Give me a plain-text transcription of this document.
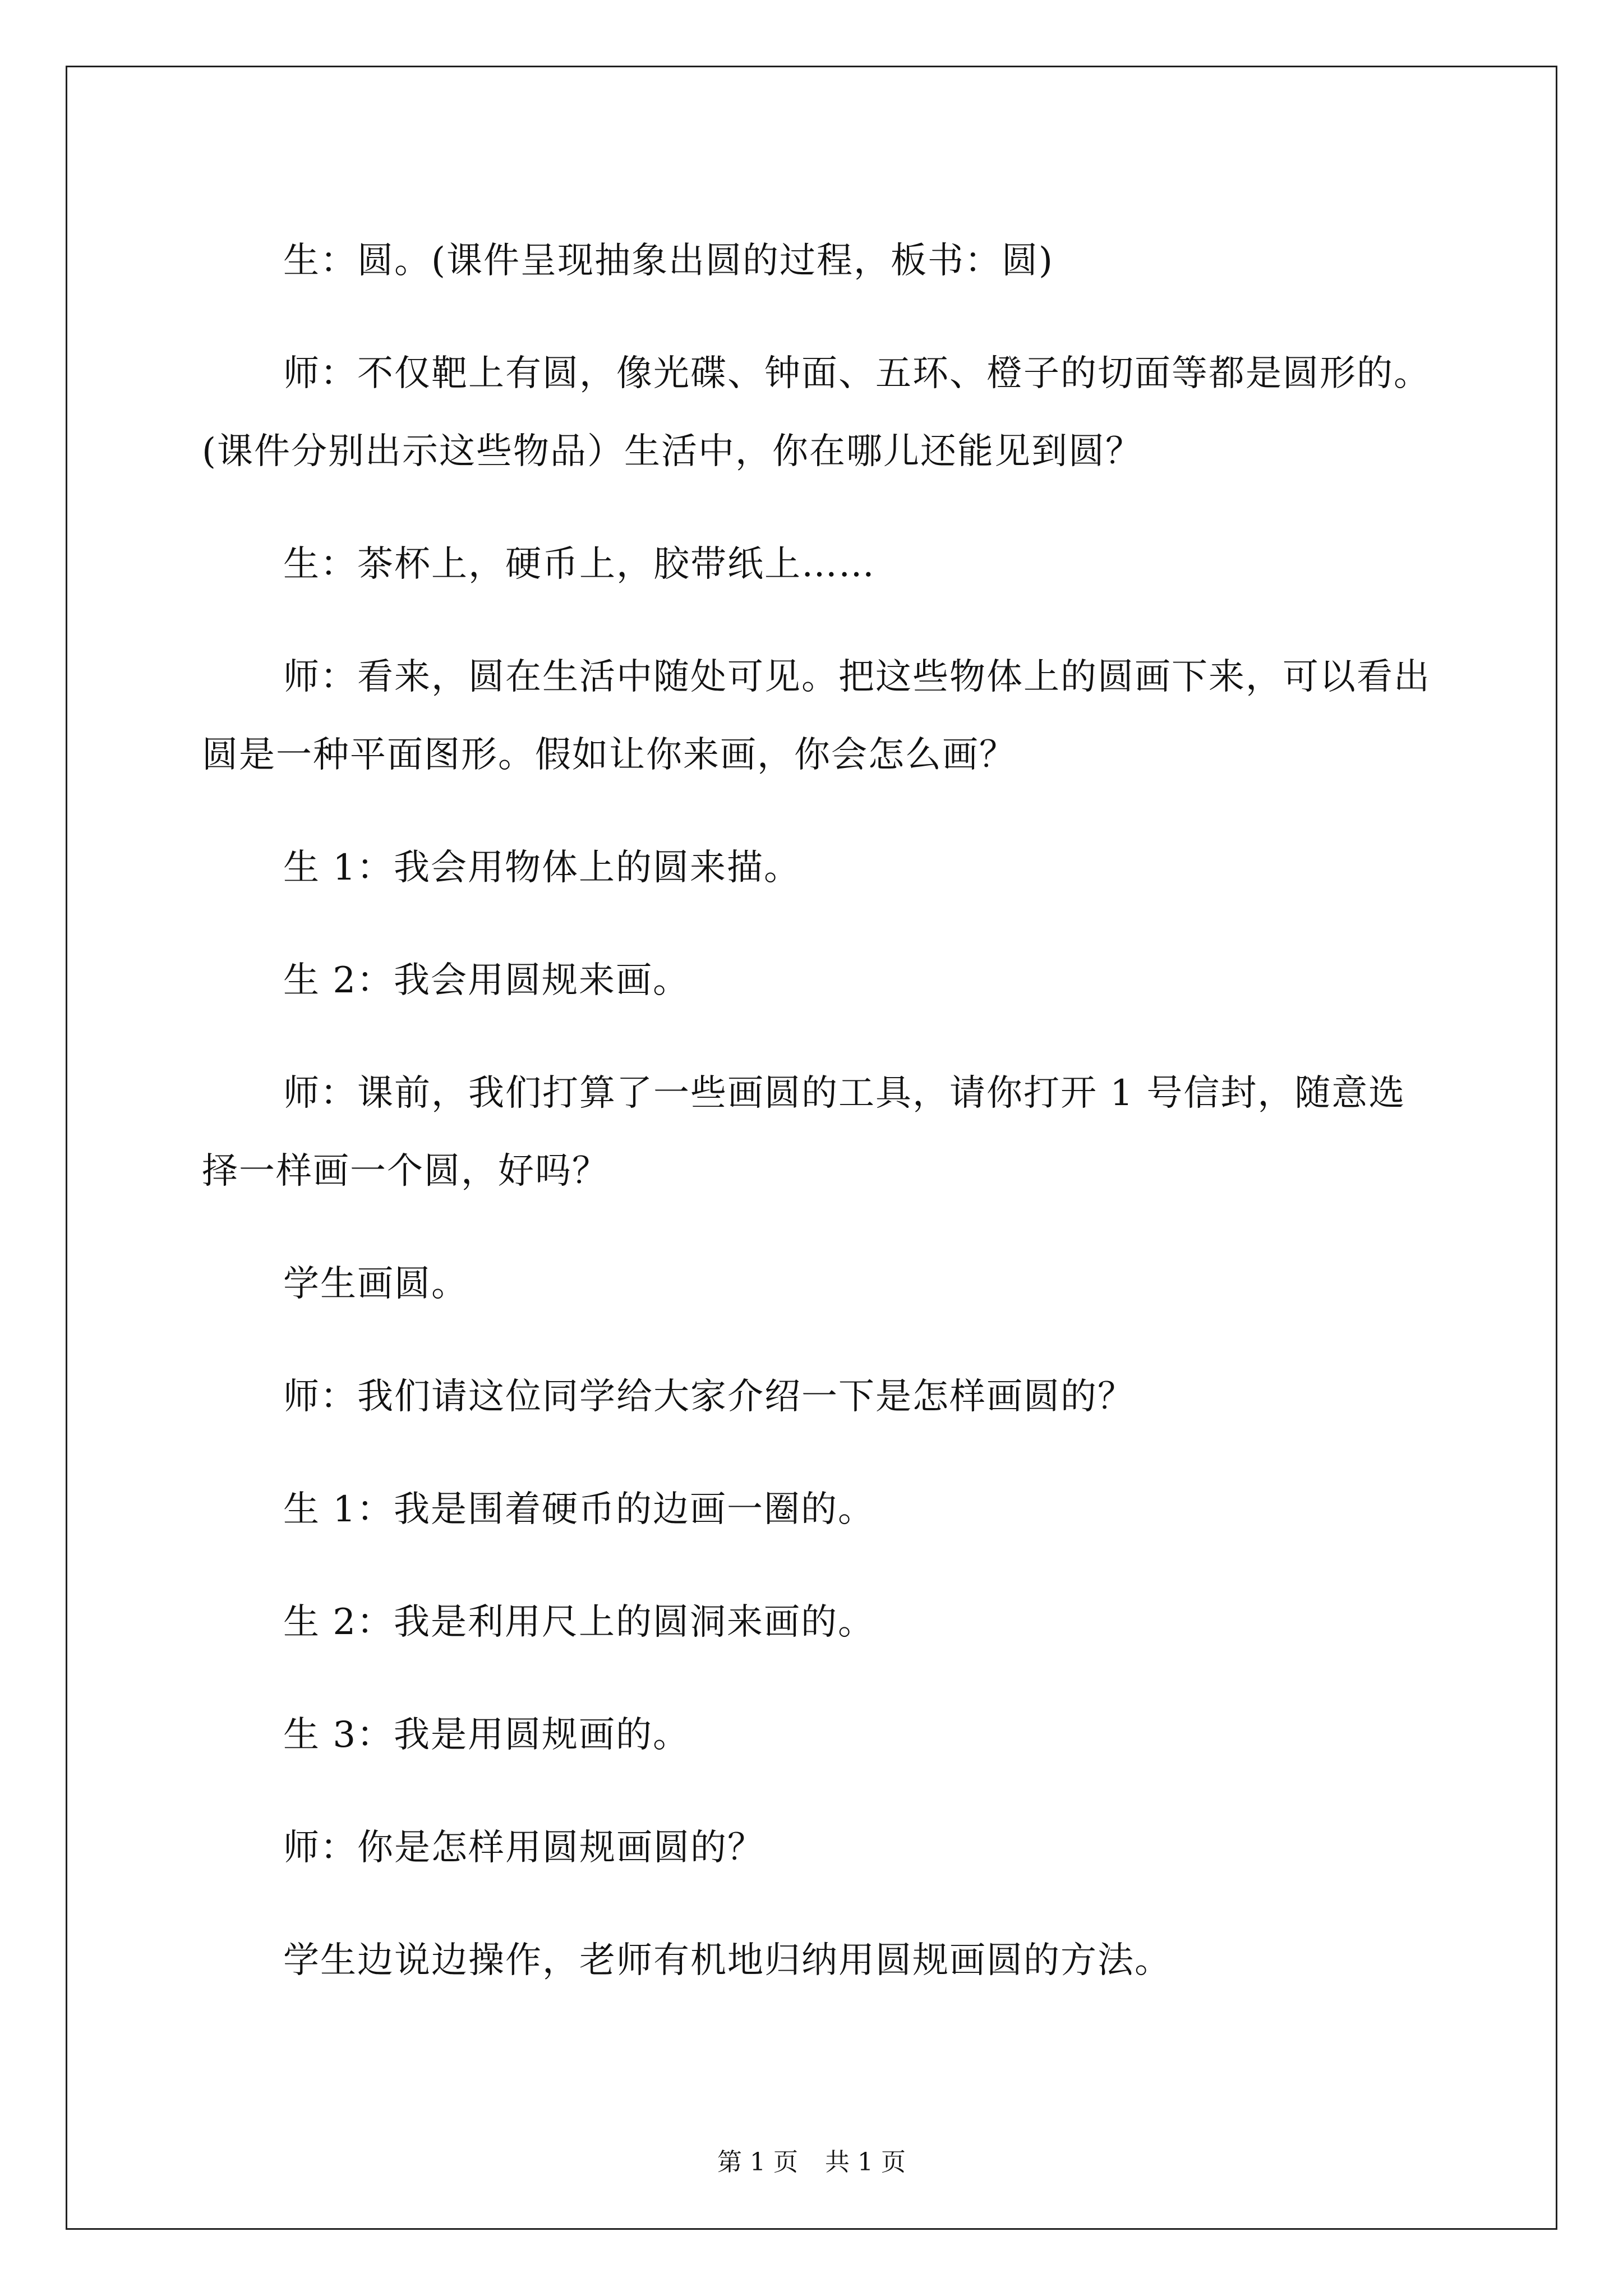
生：圆。(课件呈现抽象出圆的过程，板书：圆)

师：不仅靶上有圆，像光碟、钟面、五环、橙子的切面等都是圆形的。(课件分别出示这些物品）生活中，你在哪儿还能见到圆？

生：茶杯上，硬币上，胶带纸上……

师：看来，圆在生活中随处可见。把这些物体上的圆画下来，可以看出圆是一种平面图形。假如让你来画，你会怎么画？

生 1：我会用物体上的圆来描。

生 2：我会用圆规来画。

师：课前，我们打算了一些画圆的工具，请你打开 1 号信封，随意选择一样画一个圆，好吗？

学生画圆。

师：我们请这位同学给大家介绍一下是怎样画圆的？

生 1：我是围着硬币的边画一圈的。

生 2：我是利用尺上的圆洞来画的。

生 3：我是用圆规画的。

师：你是怎样用圆规画圆的？

学生边说边操作，老师有机地归纳用圆规画圆的方法。

第 1 页 共 1 页
